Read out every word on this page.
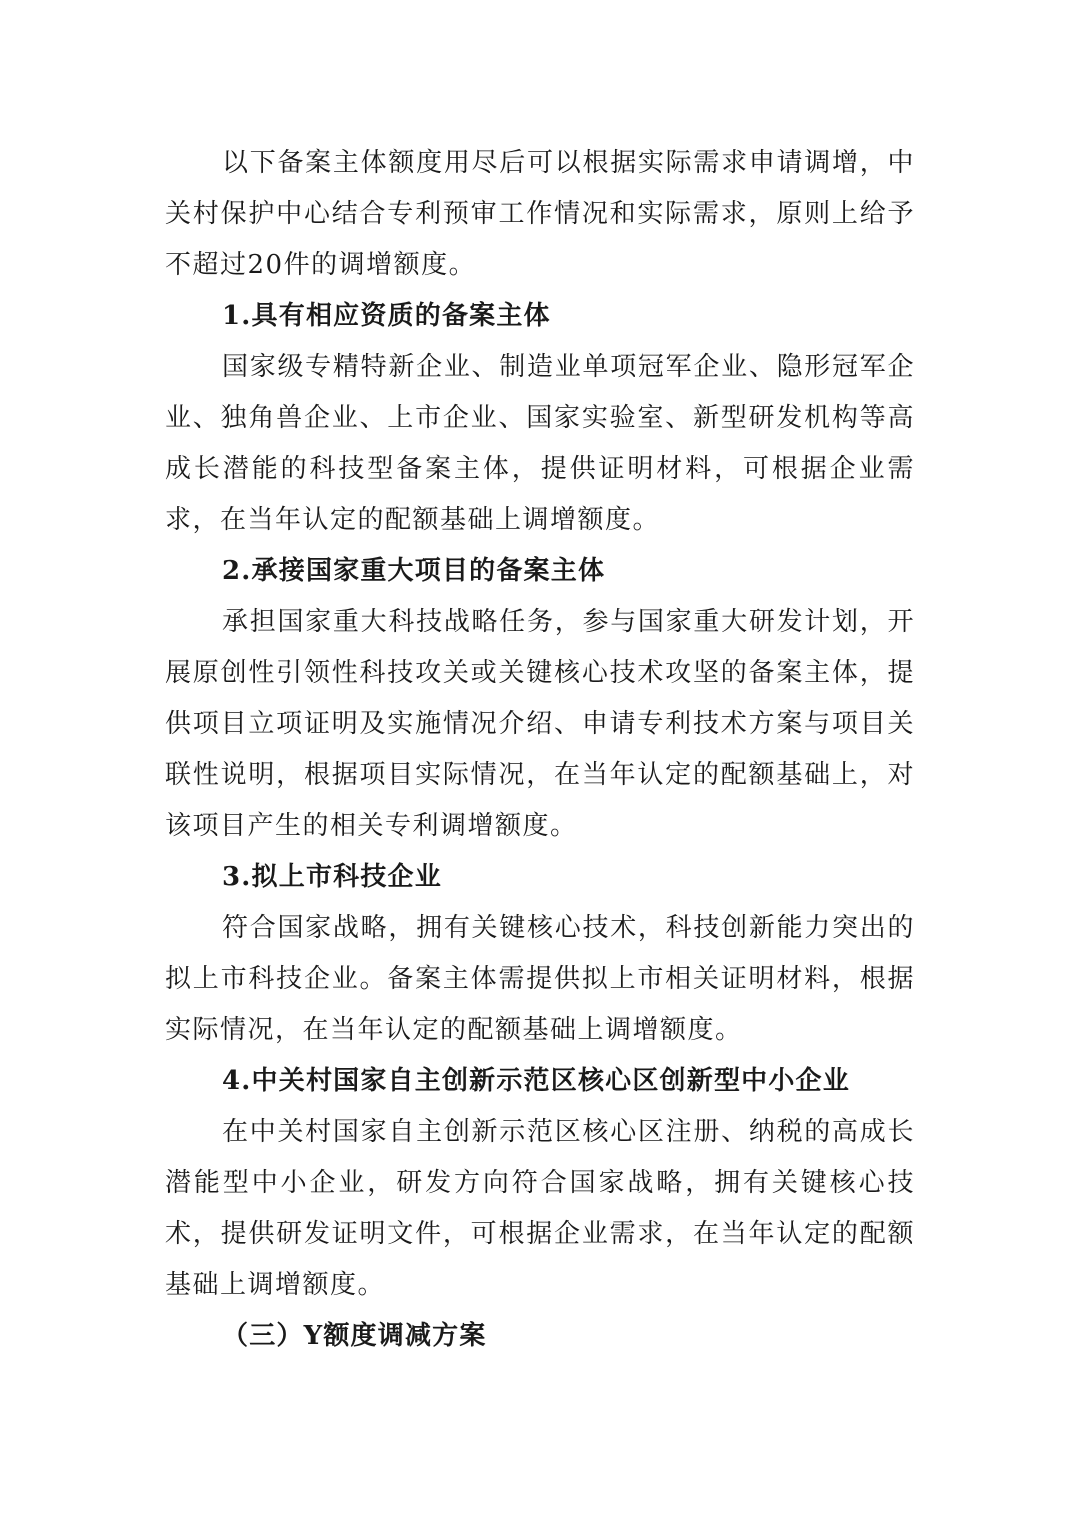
以下备案主体额度用尽后可以根据实际需求申请调增，中关村保护中心结合专利预审工作情况和实际需求，原则上给予不超过20件的调增额度。

1.具有相应资质的备案主体

国家级专精特新企业、制造业单项冠军企业、隐形冠军企业、独角兽企业、上市企业、国家实验室、新型研发机构等高成长潜能的科技型备案主体，提供证明材料，可根据企业需求，在当年认定的配额基础上调增额度。

2.承接国家重大项目的备案主体

承担国家重大科技战略任务，参与国家重大研发计划，开展原创性引领性科技攻关或关键核心技术攻坚的备案主体，提供项目立项证明及实施情况介绍、申请专利技术方案与项目关联性说明，根据项目实际情况，在当年认定的配额基础上，对该项目产生的相关专利调增额度。

3.拟上市科技企业

符合国家战略，拥有关键核心技术，科技创新能力突出的拟上市科技企业。备案主体需提供拟上市相关证明材料，根据实际情况，在当年认定的配额基础上调增额度。

4.中关村国家自主创新示范区核心区创新型中小企业

在中关村国家自主创新示范区核心区注册、纳税的高成长潜能型中小企业，研发方向符合国家战略，拥有关键核心技术，提供研发证明文件，可根据企业需求，在当年认定的配额基础上调增额度。

（三）Y额度调减方案
